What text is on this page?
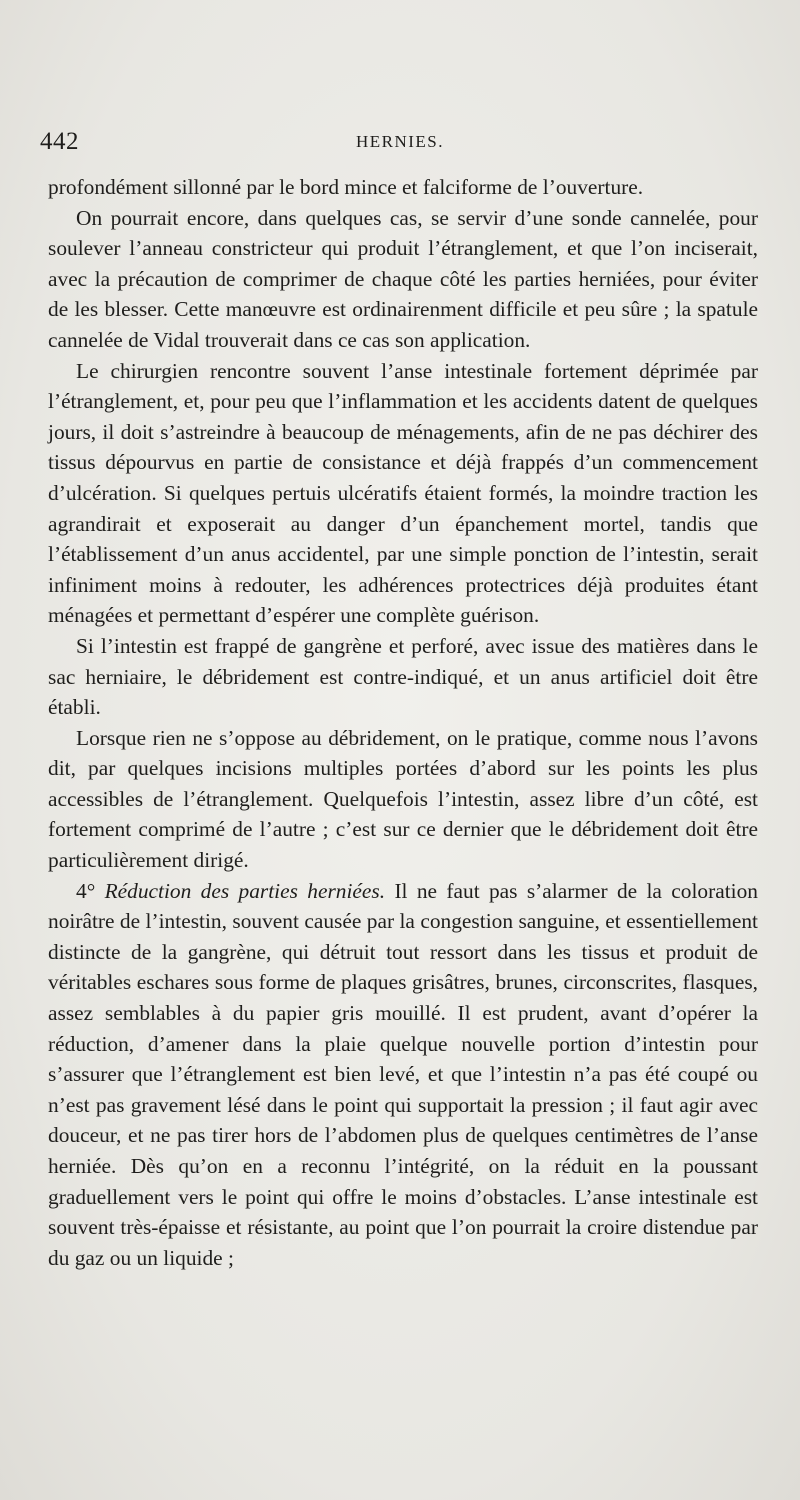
442	HERNIES.

profondément sillonné par le bord mince et falciforme de l’ouverture.

On pourrait encore, dans quelques cas, se servir d’une sonde cannelée, pour soulever l’anneau constricteur qui produit l’étranglement, et que l’on inciserait, avec la précaution de comprimer de chaque côté les parties herniées, pour éviter de les blesser. Cette manœuvre est ordinairenment difficile et peu sûre ; la spatule cannelée de Vidal trouverait dans ce cas son application.

Le chirurgien rencontre souvent l’anse intestinale fortement déprimée par l’étranglement, et, pour peu que l’inflammation et les accidents datent de quelques jours, il doit s’astreindre à beaucoup de ménagements, afin de ne pas déchirer des tissus dépourvus en partie de consistance et déjà frappés d’un commencement d’ulcération. Si quelques pertuis ulcératifs étaient formés, la moindre traction les agrandirait et exposerait au danger d’un épanchement mortel, tandis que l’établissement d’un anus accidentel, par une simple ponction de l’intestin, serait infiniment moins à redouter, les adhérences protectrices déjà produites étant ménagées et permettant d’espérer une complète guérison.

Si l’intestin est frappé de gangrène et perforé, avec issue des matières dans le sac herniaire, le débridement est contre-indiqué, et un anus artificiel doit être établi.

Lorsque rien ne s’oppose au débridement, on le pratique, comme nous l’avons dit, par quelques incisions multiples portées d’abord sur les points les plus accessibles de l’étranglement. Quelquefois l’intestin, assez libre d’un côté, est fortement comprimé de l’autre ; c’est sur ce dernier que le débridement doit être particulièrement dirigé.

4° Réduction des parties herniées. Il ne faut pas s’alarmer de la coloration noirâtre de l’intestin, souvent causée par la congestion sanguine, et essentiellement distincte de la gangrène, qui détruit tout ressort dans les tissus et produit de véritables eschares sous forme de plaques grisâtres, brunes, circonscrites, flasques, assez semblables à du papier gris mouillé. Il est prudent, avant d’opérer la réduction, d’amener dans la plaie quelque nouvelle portion d’intestin pour s’assurer que l’étranglement est bien levé, et que l’intestin n’a pas été coupé ou n’est pas gravement lésé dans le point qui supportait la pression ; il faut agir avec douceur, et ne pas tirer hors de l’abdomen plus de quelques centimètres de l’anse herniée. Dès qu’on en a reconnu l’intégrité, on la réduit en la poussant graduellement vers le point qui offre le moins d’obstacles. L’anse intestinale est souvent très-épaisse et résistante, au point que l’on pourrait la croire distendue par du gaz ou un liquide ;
